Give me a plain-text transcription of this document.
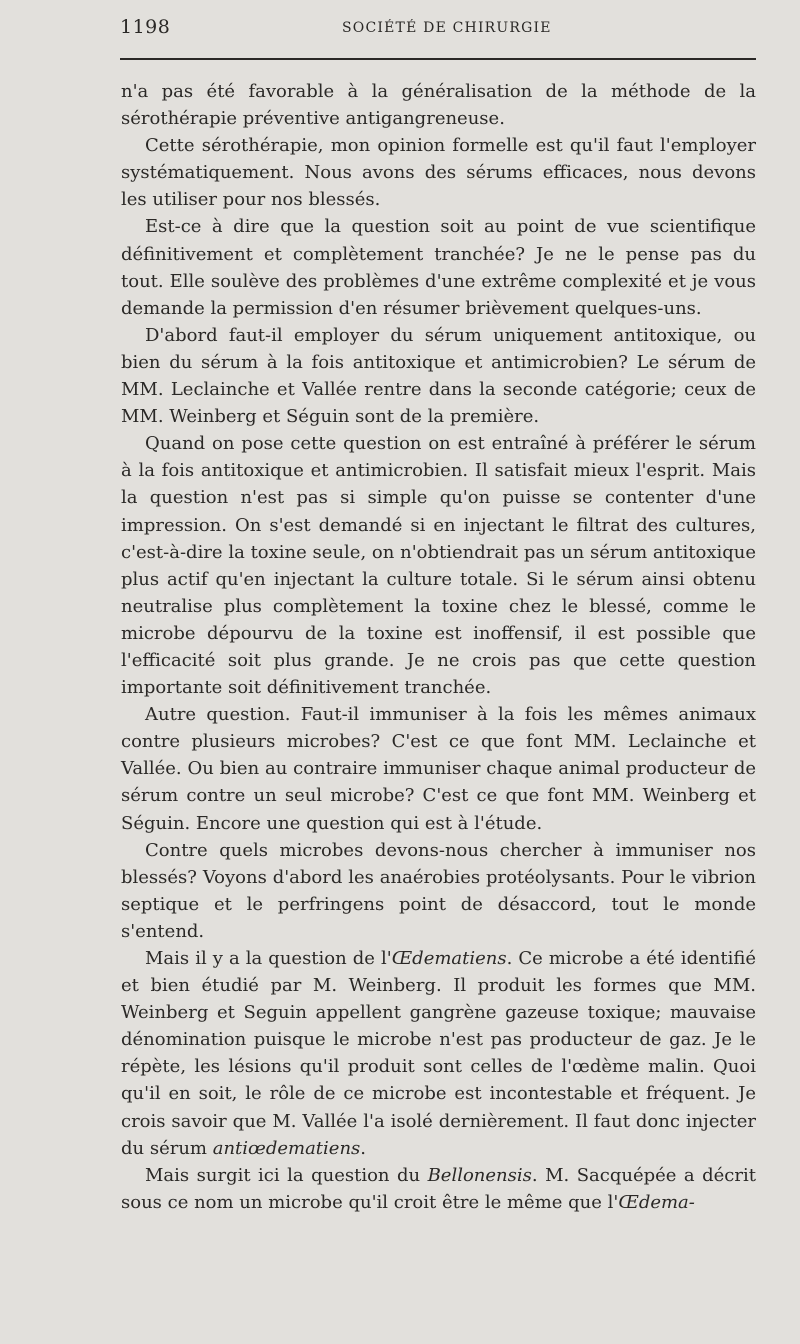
1198	SOCIÉTÉ DE CHIRURGIE

n'a pas été favorable à la généralisation de la méthode de la sérothérapie préventive antigangreneuse.

Cette sérothérapie, mon opinion formelle est qu'il faut l'employer systématiquement. Nous avons des sérums efficaces, nous devons les utiliser pour nos blessés.

Est-ce à dire que la question soit au point de vue scientifique définitivement et complètement tranchée? Je ne le pense pas du tout. Elle soulève des problèmes d'une extrême complexité et je vous demande la permission d'en résumer brièvement quelques-uns.

D'abord faut-il employer du sérum uniquement antitoxique, ou bien du sérum à la fois antitoxique et antimicrobien? Le sérum de MM. Leclainche et Vallée rentre dans la seconde catégorie; ceux de MM. Weinberg et Séguin sont de la première.

Quand on pose cette question on est entraîné à préférer le sérum à la fois antitoxique et antimicrobien. Il satisfait mieux l'esprit. Mais la question n'est pas si simple qu'on puisse se contenter d'une impression. On s'est demandé si en injectant le filtrat des cultures, c'est-à-dire la toxine seule, on n'obtiendrait pas un sérum antitoxique plus actif qu'en injectant la culture totale. Si le sérum ainsi obtenu neutralise plus complètement la toxine chez le blessé, comme le microbe dépourvu de la toxine est inoffensif, il est possible que l'efficacité soit plus grande. Je ne crois pas que cette question importante soit définitivement tranchée.

Autre question. Faut-il immuniser à la fois les mêmes animaux contre plusieurs microbes? C'est ce que font MM. Leclainche et Vallée. Ou bien au contraire immuniser chaque animal producteur de sérum contre un seul microbe? C'est ce que font MM. Weinberg et Séguin. Encore une question qui est à l'étude.

Contre quels microbes devons-nous chercher à immuniser nos blessés? Voyons d'abord les anaérobies protéolysants. Pour le vibrion septique et le perfringens point de désaccord, tout le monde s'entend.

Mais il y a la question de l'Œdematiens. Ce microbe a été identifié et bien étudié par M. Weinberg. Il produit les formes que MM. Weinberg et Seguin appellent gangrène gazeuse toxique; mauvaise dénomination puisque le microbe n'est pas producteur de gaz. Je le répète, les lésions qu'il produit sont celles de l'œdème malin. Quoi qu'il en soit, le rôle de ce microbe est incontestable et fréquent. Je crois savoir que M. Vallée l'a isolé dernièrement. Il faut donc injecter du sérum antiœdematiens.

Mais surgit ici la question du Bellonensis. M. Sacquépée a décrit sous ce nom un microbe qu'il croit être le même que l'Œdema-
